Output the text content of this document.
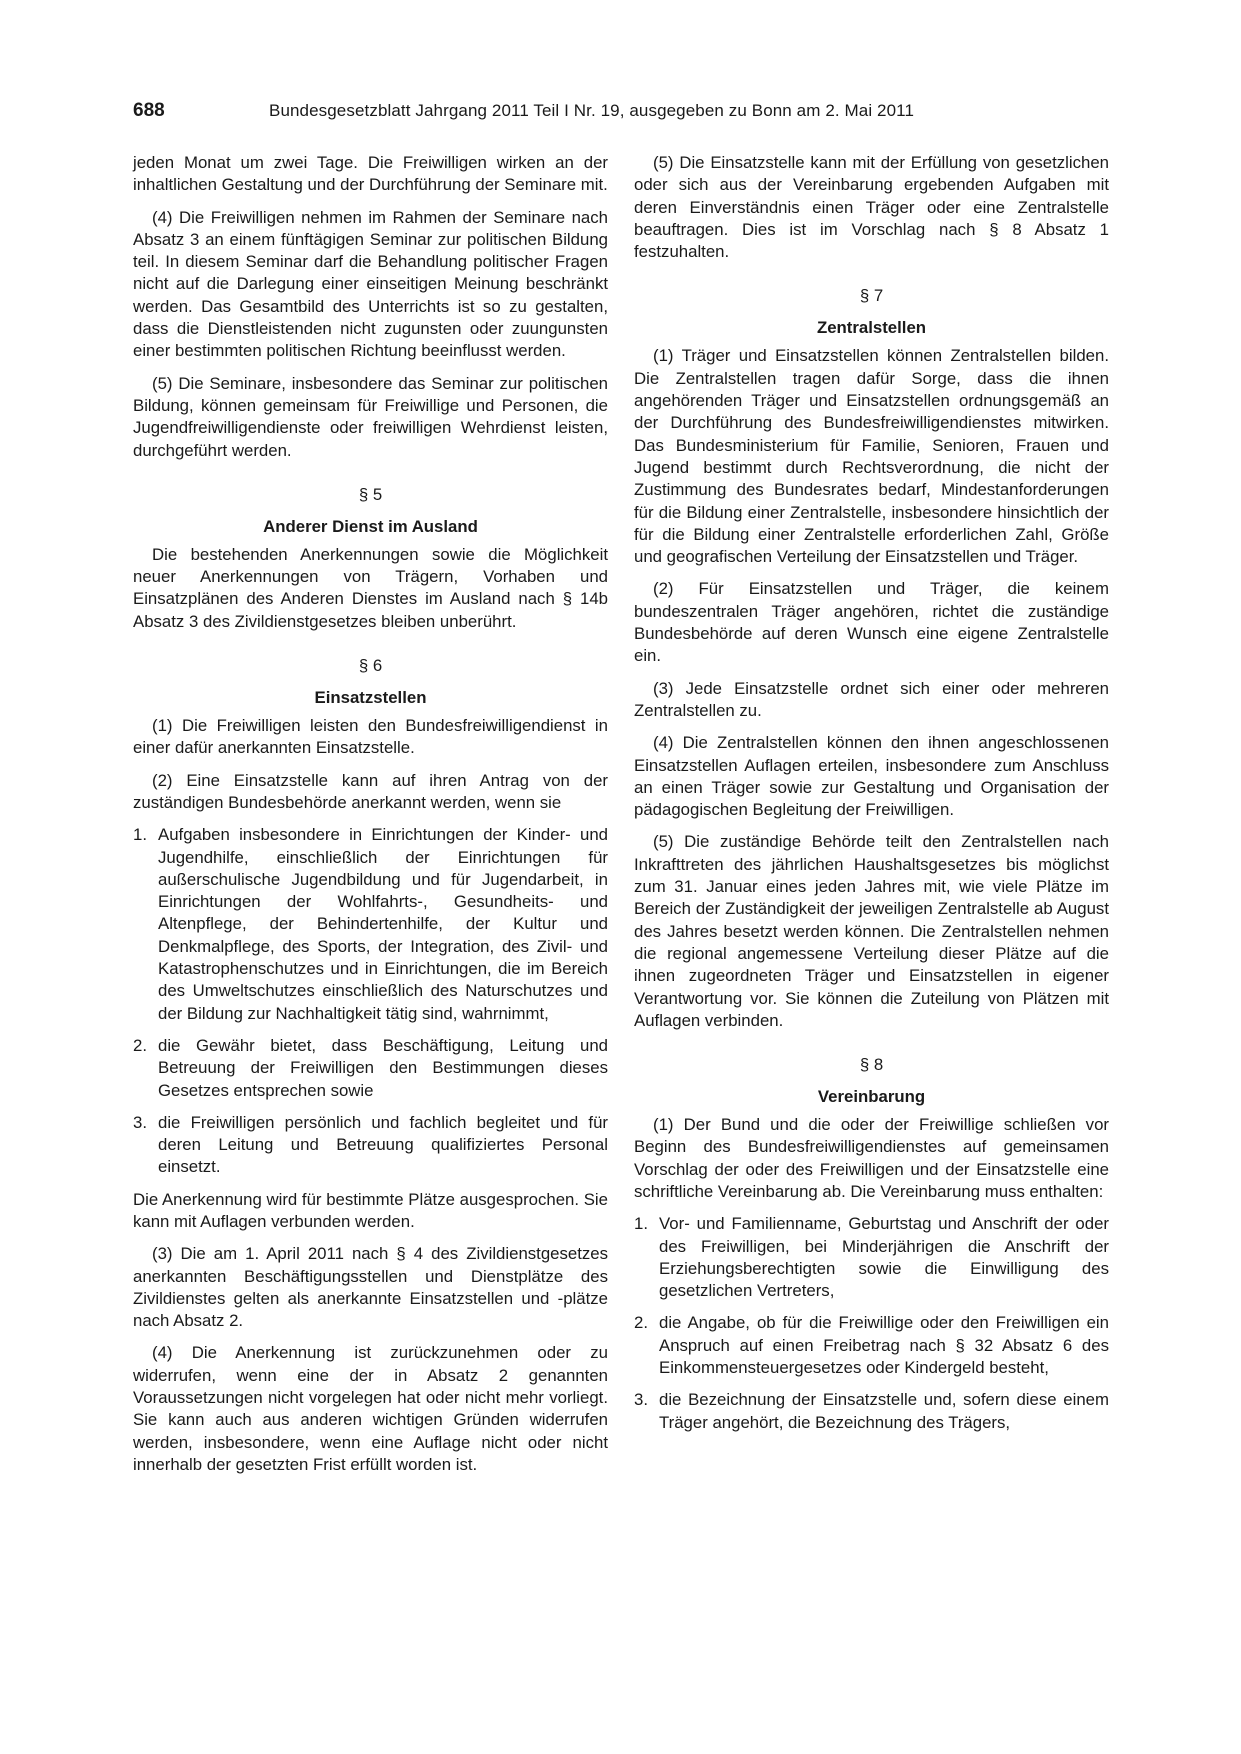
688	Bundesgesetzblatt Jahrgang 2011 Teil I Nr. 19, ausgegeben zu Bonn am 2. Mai 2011

jeden Monat um zwei Tage. Die Freiwilligen wirken an der inhaltlichen Gestaltung und der Durchführung der Seminare mit.

(4) Die Freiwilligen nehmen im Rahmen der Seminare nach Absatz 3 an einem fünftägigen Seminar zur politischen Bildung teil. In diesem Seminar darf die Behandlung politischer Fragen nicht auf die Darlegung einer einseitigen Meinung beschränkt werden. Das Gesamtbild des Unterrichts ist so zu gestalten, dass die Dienstleistenden nicht zugunsten oder zuungunsten einer bestimmten politischen Richtung beeinflusst werden.

(5) Die Seminare, insbesondere das Seminar zur politischen Bildung, können gemeinsam für Freiwillige und Personen, die Jugendfreiwilligendienste oder freiwilligen Wehrdienst leisten, durchgeführt werden.

§ 5
Anderer Dienst im Ausland

Die bestehenden Anerkennungen sowie die Möglichkeit neuer Anerkennungen von Trägern, Vorhaben und Einsatzplänen des Anderen Dienstes im Ausland nach § 14b Absatz 3 des Zivildienstgesetzes bleiben unberührt.

§ 6
Einsatzstellen

(1) Die Freiwilligen leisten den Bundesfreiwilligendienst in einer dafür anerkannten Einsatzstelle.

(2) Eine Einsatzstelle kann auf ihren Antrag von der zuständigen Bundesbehörde anerkannt werden, wenn sie

1. Aufgaben insbesondere in Einrichtungen der Kinder- und Jugendhilfe, einschließlich der Einrichtungen für außerschulische Jugendbildung und für Jugendarbeit, in Einrichtungen der Wohlfahrts-, Gesundheits- und Altenpflege, der Behindertenhilfe, der Kultur und Denkmalpflege, des Sports, der Integration, des Zivil- und Katastrophenschutzes und in Einrichtungen, die im Bereich des Umweltschutzes einschließlich des Naturschutzes und der Bildung zur Nachhaltigkeit tätig sind, wahrnimmt,
2. die Gewähr bietet, dass Beschäftigung, Leitung und Betreuung der Freiwilligen den Bestimmungen dieses Gesetzes entsprechen sowie
3. die Freiwilligen persönlich und fachlich begleitet und für deren Leitung und Betreuung qualifiziertes Personal einsetzt.

Die Anerkennung wird für bestimmte Plätze ausgesprochen. Sie kann mit Auflagen verbunden werden.

(3) Die am 1. April 2011 nach § 4 des Zivildienstgesetzes anerkannten Beschäftigungsstellen und Dienstplätze des Zivildienstes gelten als anerkannte Einsatzstellen und -plätze nach Absatz 2.

(4) Die Anerkennung ist zurückzunehmen oder zu widerrufen, wenn eine der in Absatz 2 genannten Voraussetzungen nicht vorgelegen hat oder nicht mehr vorliegt. Sie kann auch aus anderen wichtigen Gründen widerrufen werden, insbesondere, wenn eine Auflage nicht oder nicht innerhalb der gesetzten Frist erfüllt worden ist.

(5) Die Einsatzstelle kann mit der Erfüllung von gesetzlichen oder sich aus der Vereinbarung ergebenden Aufgaben mit deren Einverständnis einen Träger oder eine Zentralstelle beauftragen. Dies ist im Vorschlag nach § 8 Absatz 1 festzuhalten.

§ 7
Zentralstellen

(1) Träger und Einsatzstellen können Zentralstellen bilden. Die Zentralstellen tragen dafür Sorge, dass die ihnen angehörenden Träger und Einsatzstellen ordnungsgemäß an der Durchführung des Bundesfreiwilligendienstes mitwirken. Das Bundesministerium für Familie, Senioren, Frauen und Jugend bestimmt durch Rechtsverordnung, die nicht der Zustimmung des Bundesrates bedarf, Mindestanforderungen für die Bildung einer Zentralstelle, insbesondere hinsichtlich der für die Bildung einer Zentralstelle erforderlichen Zahl, Größe und geografischen Verteilung der Einsatzstellen und Träger.

(2) Für Einsatzstellen und Träger, die keinem bundeszentralen Träger angehören, richtet die zuständige Bundesbehörde auf deren Wunsch eine eigene Zentralstelle ein.

(3) Jede Einsatzstelle ordnet sich einer oder mehreren Zentralstellen zu.

(4) Die Zentralstellen können den ihnen angeschlossenen Einsatzstellen Auflagen erteilen, insbesondere zum Anschluss an einen Träger sowie zur Gestaltung und Organisation der pädagogischen Begleitung der Freiwilligen.

(5) Die zuständige Behörde teilt den Zentralstellen nach Inkrafttreten des jährlichen Haushaltsgesetzes bis möglichst zum 31. Januar eines jeden Jahres mit, wie viele Plätze im Bereich der Zuständigkeit der jeweiligen Zentralstelle ab August des Jahres besetzt werden können. Die Zentralstellen nehmen die regional angemessene Verteilung dieser Plätze auf die ihnen zugeordneten Träger und Einsatzstellen in eigener Verantwortung vor. Sie können die Zuteilung von Plätzen mit Auflagen verbinden.

§ 8
Vereinbarung

(1) Der Bund und die oder der Freiwillige schließen vor Beginn des Bundesfreiwilligendienstes auf gemeinsamen Vorschlag der oder des Freiwilligen und der Einsatzstelle eine schriftliche Vereinbarung ab. Die Vereinbarung muss enthalten:

1. Vor- und Familienname, Geburtstag und Anschrift der oder des Freiwilligen, bei Minderjährigen die Anschrift der Erziehungsberechtigten sowie die Einwilligung des gesetzlichen Vertreters,
2. die Angabe, ob für die Freiwillige oder den Freiwilligen ein Anspruch auf einen Freibetrag nach § 32 Absatz 6 des Einkommensteuergesetzes oder Kindergeld besteht,
3. die Bezeichnung der Einsatzstelle und, sofern diese einem Träger angehört, die Bezeichnung des Trägers,
